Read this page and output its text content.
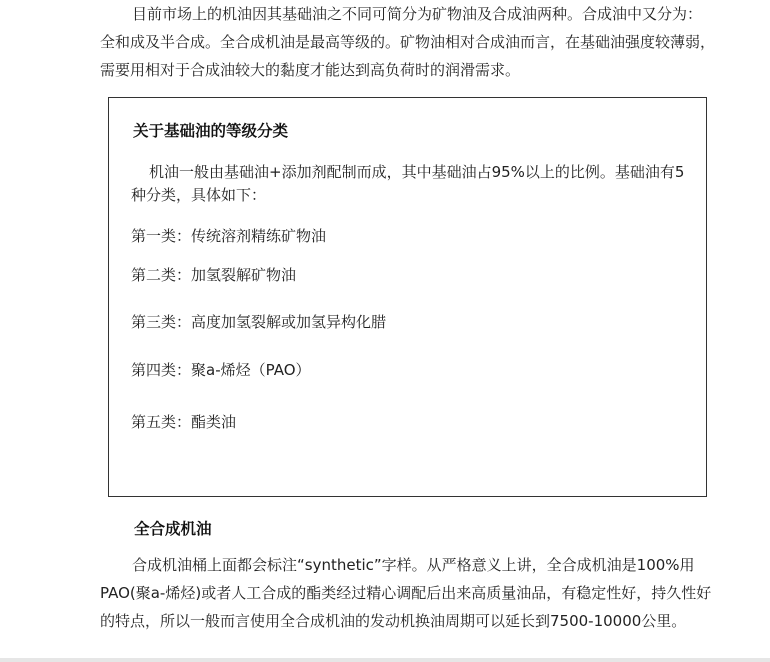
目前市场上的机油因其基础油之不同可简分为矿物油及合成油两种。合成油中又分为：全和成及半合成。全合成机油是最高等级的。矿物油相对合成油而言，在基础油强度较薄弱，需要用相对于合成油较大的黏度才能达到高负荷时的润滑需求。

关于基础油的等级分类

机油一般由基础油+添加剂配制而成，其中基础油占95%以上的比例。基础油有5种分类，具体如下：

第一类：传统溶剂精练矿物油

第二类：加氢裂解矿物油

第三类：高度加氢裂解或加氢异构化腊

第四类：聚a-烯烃（PAO）

第五类：酯类油

全合成机油

合成机油桶上面都会标注“synthetic”字样。从严格意义上讲，全合成机油是100%用PAO(聚a-烯烃)或者人工合成的酯类经过精心调配后出来高质量油品，有稳定性好，持久性好的特点，所以一般而言使用全合成机油的发动机换油周期可以延长到7500-10000公里。
